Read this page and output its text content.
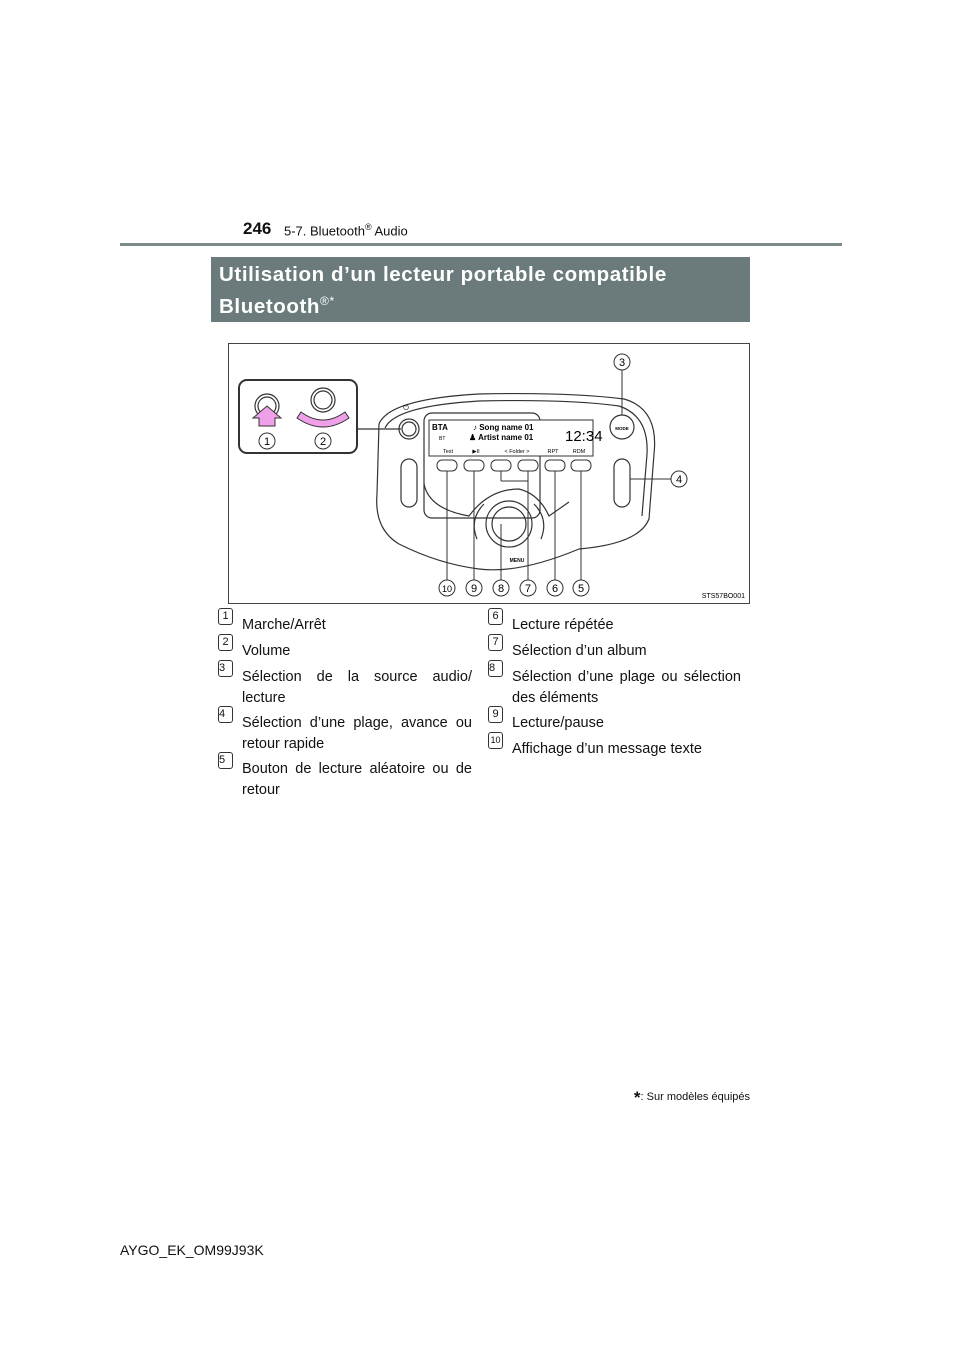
246 5-7. Bluetooth® Audio
Utilisation d’un lecteur portable compatible
Bluetooth®*
BTA
BT
♪ Song name 01
♟ Artist name 01 12:34
Text	▶II	< Folder >	RPT	RDM
MODE
MENU
⏻
1	2
3
4
5
6
7
8
9
10
STS57BO001
1
Marche/Arrêt
2
Volume
3
Sélection de la source audio/ lecture
4
Sélection d’une plage, avance ou retour rapide
5
Bouton de lecture aléatoire ou de retour
6
Lecture répétée
7
Sélection d’un album
8
Sélection d’une plage ou sélection des éléments
9
Lecture/pause
10
Affichage d’un message texte
*: Sur modèles équipés
AYGO_EK_OM99J93K
